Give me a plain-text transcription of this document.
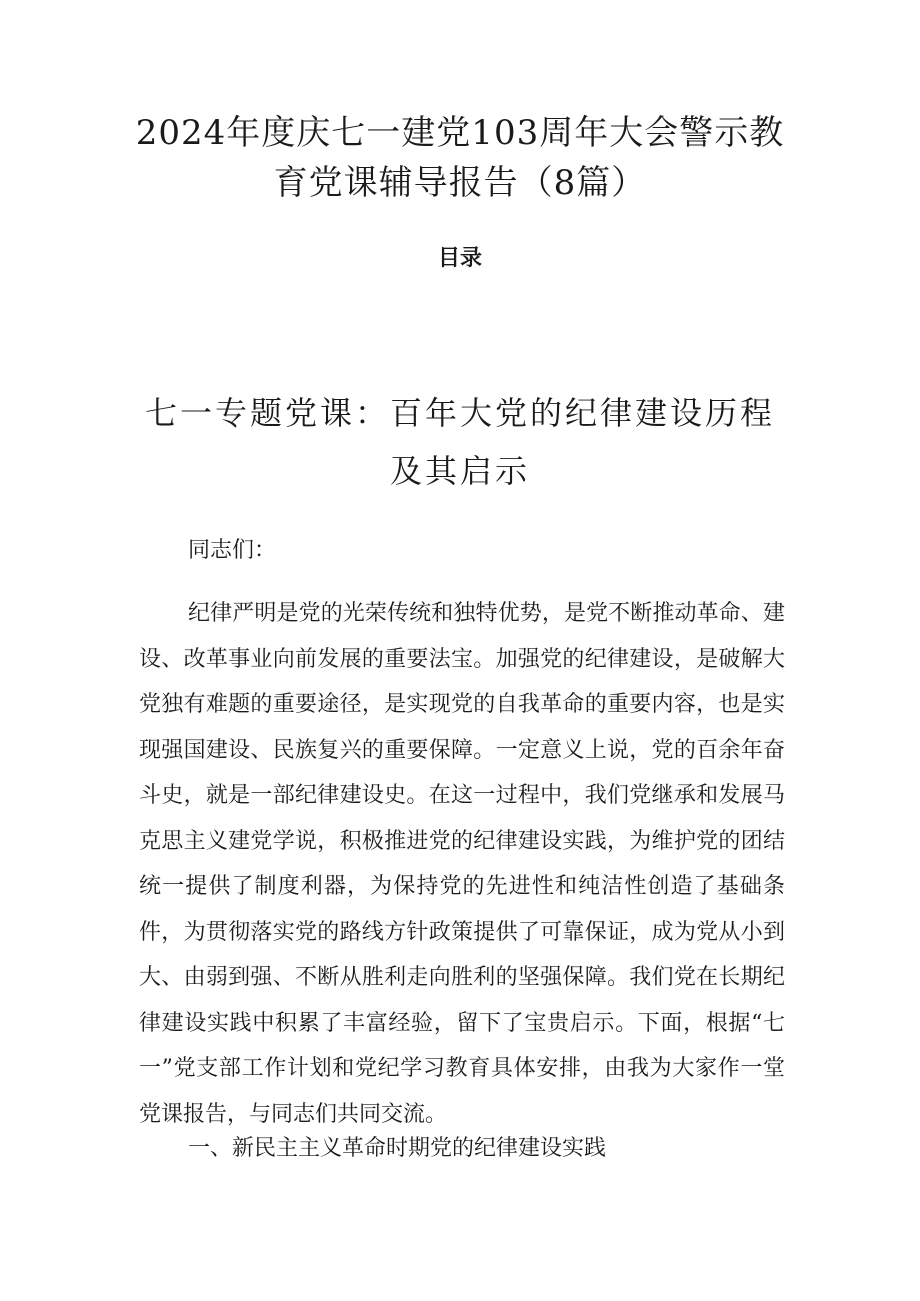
2024年度庆七一建党103周年大会警示教
育党课辅导报告（8篇）
目录
七一专题党课：百年大党的纪律建设历程
及其启示

同志们：

纪律严明是党的光荣传统和独特优势，是党不断推动革命、建设、改革事业向前发展的重要法宝。加强党的纪律建设，是破解大党独有难题的重要途径，是实现党的自我革命的重要内容，也是实现强国建设、民族复兴的重要保障。一定意义上说，党的百余年奋斗史，就是一部纪律建设史。在这一过程中，我们党继承和发展马克思主义建党学说，积极推进党的纪律建设实践，为维护党的团结统一提供了制度利器，为保持党的先进性和纯洁性创造了基础条件，为贯彻落实党的路线方针政策提供了可靠保证，成为党从小到大、由弱到强、不断从胜利走向胜利的坚强保障。我们党在长期纪律建设实践中积累了丰富经验，留下了宝贵启示。下面，根据“七一”党支部工作计划和党纪学习教育具体安排，由我为大家作一堂党课报告，与同志们共同交流。

一、新民主主义革命时期党的纪律建设实践
